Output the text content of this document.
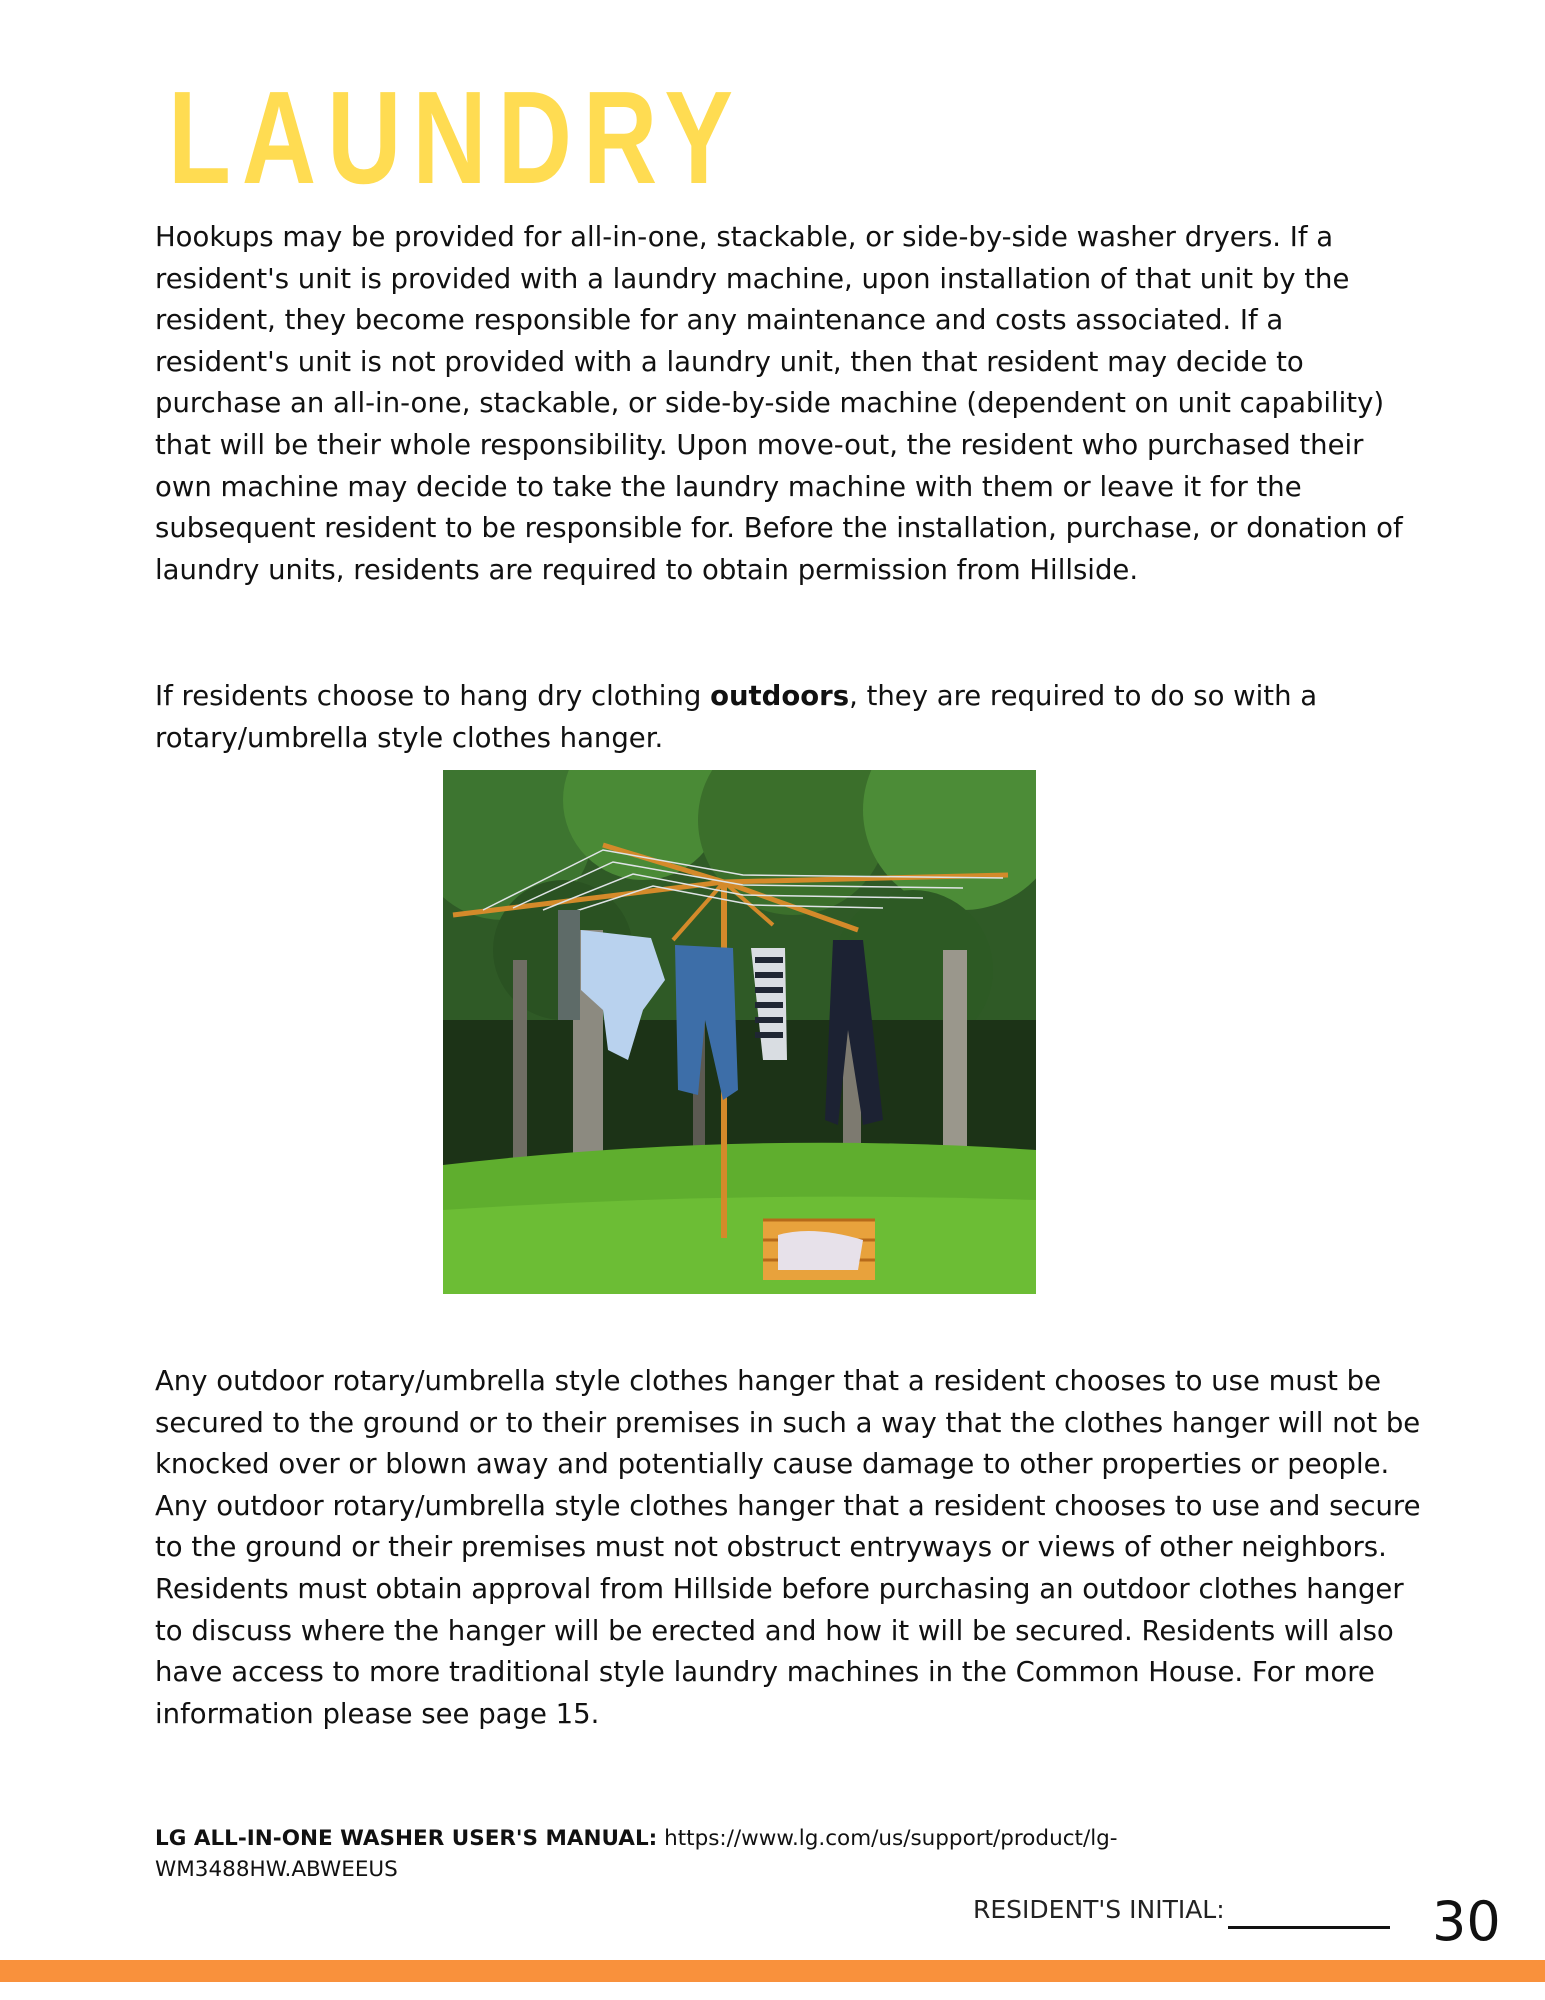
LAUNDRY

Hookups may be provided for all-in-one, stackable, or side-by-side washer dryers. If a resident's unit is provided with a laundry machine, upon installation of that unit by the resident, they become responsible for any maintenance and costs associated. If a resident's unit is not provided with a laundry unit, then that resident may decide to purchase an all-in-one, stackable, or side-by-side machine (dependent on unit capability) that will be their whole responsibility. Upon move-out, the resident who purchased their own machine may decide to take the laundry machine with them or leave it for the subsequent resident to be responsible for. Before the installation, purchase, or donation of laundry units, residents are required to obtain permission from Hillside.

If residents choose to hang dry clothing outdoors, they are required to do so with a rotary/umbrella style clothes hanger.

Any outdoor rotary/umbrella style clothes hanger that a resident chooses to use must be secured to the ground or to their premises in such a way that the clothes hanger will not be knocked over or blown away and potentially cause damage to other properties or people. Any outdoor rotary/umbrella style clothes hanger that a resident chooses to use and secure to the ground or their premises must not obstruct entryways or views of other neighbors. Residents must obtain approval from Hillside before purchasing an outdoor clothes hanger to discuss where the hanger will be erected and how it will be secured. Residents will also have access to more traditional style laundry machines in the Common House. For more information please see page 15.

LG ALL-IN-ONE WASHER USER'S MANUAL: https://www.lg.com/us/support/product/lg-WM3488HW.ABWEEUS

RESIDENT'S INITIAL:	30
